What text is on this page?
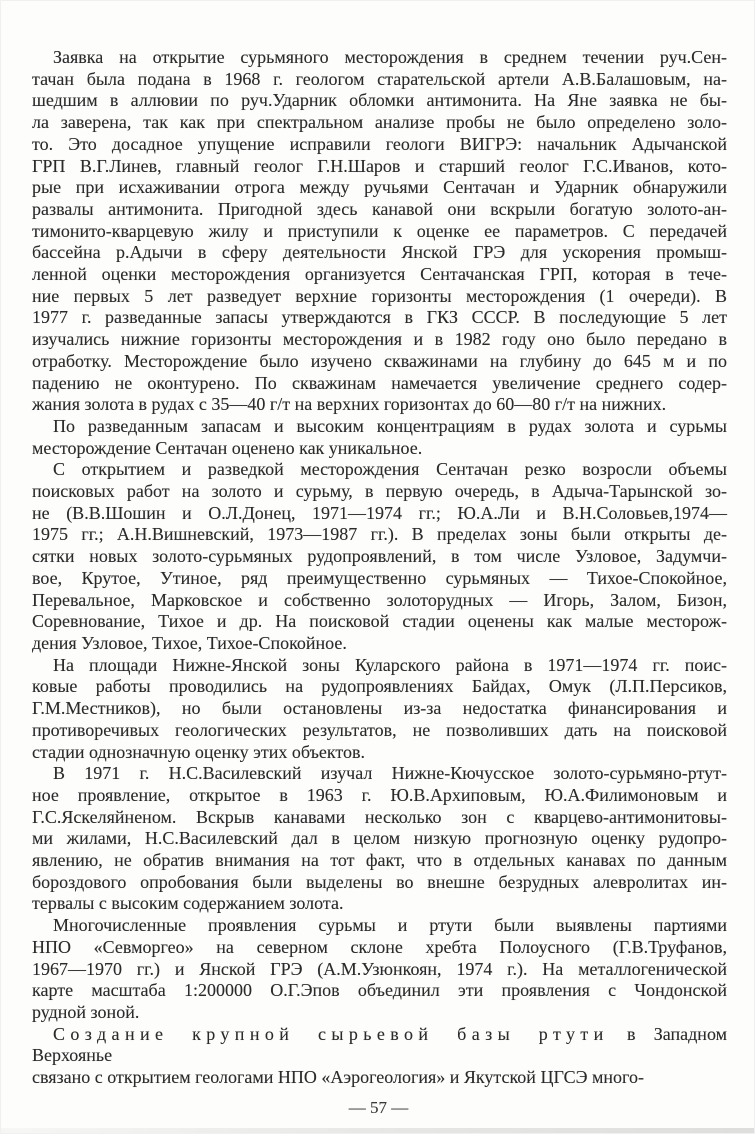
Заявка на открытие сурьмяного месторождения в среднем течении руч.Сен-
тачан была подана в 1968 г. геологом старательской артели А.В.Балашовым, на-
шедшим в аллювии по руч.Ударник обломки антимонита. На Яне заявка не бы-
ла заверена, так как при спектральном анализе пробы не было определено золо-
то. Это досадное упущение исправили геологи ВИГРЭ: начальник Адычанской
ГРП В.Г.Линев, главный геолог Г.Н.Шаров и старший геолог Г.С.Иванов, кото-
рые при исхаживании отрога между ручьями Сентачан и Ударник обнаружили
развалы антимонита. Пригодной здесь канавой они вскрыли богатую золото-ан-
тимонито-кварцевую жилу и приступили к оценке ее параметров. С передачей
бассейна р.Адычи в сферу деятельности Янской ГРЭ для ускорения промыш-
ленной оценки месторождения организуется Сентачанская ГРП, которая в тече-
ние первых 5 лет разведует верхние горизонты месторождения (1 очереди). В
1977 г. разведанные запасы утверждаются в ГКЗ СССР. В последующие 5 лет
изучались нижние горизонты месторождения и в 1982 году оно было передано в
отработку. Месторождение было изучено скважинами на глубину до 645 м и по
падению не оконтурено. По скважинам намечается увеличение среднего содер-
жания золота в рудах с 35—40 г/т на верхних горизонтах до 60—80 г/т на нижних.
По разведанным запасам и высоким концентрациям в рудах золота и сурьмы
месторождение Сентачан оценено как уникальное.
С открытием и разведкой месторождения Сентачан резко возросли объемы
поисковых работ на золото и сурьму, в первую очередь, в Адыча-Тарынской зо-
не (В.В.Шошин и О.Л.Донец, 1971—1974 гг.; Ю.А.Ли и В.Н.Соловьев,1974—
1975 гг.; А.Н.Вишневский, 1973—1987 гг.). В пределах зоны были открыты де-
сятки новых золото-сурьмяных рудопроявлений, в том числе Узловое, Задумчи-
вое, Крутое, Утиное, ряд преимущественно сурьмяных — Тихое-Спокойное,
Перевальное, Марковское и собственно золоторудных — Игорь, Залом, Бизон,
Соревнование, Тихое и др. На поисковой стадии оценены как малые месторож-
дения Узловое, Тихое, Тихое-Спокойное.
На площади Нижне-Янской зоны Куларского района в 1971—1974 гг. поис-
ковые работы проводились на рудопроявлениях Байдах, Омук (Л.П.Персиков,
Г.М.Местников), но были остановлены из-за недостатка финансирования и
противоречивых геологических результатов, не позволивших дать на поисковой
стадии однозначную оценку этих объектов.
В 1971 г. Н.С.Василевский изучал Нижне-Кючусское золото-сурьмяно-ртут-
ное проявление, открытое в 1963 г. Ю.В.Архиповым, Ю.А.Филимоновым и
Г.С.Яскеляйненом. Вскрыв канавами несколько зон с кварцево-антимонитовы-
ми жилами, Н.С.Василевский дал в целом низкую прогнозную оценку рудопро-
явлению, не обратив внимания на тот факт, что в отдельных канавах по данным
бороздового опробования были выделены во внешне безрудных алевролитах ин-
тервалы с высоким содержанием золота.
Многочисленные проявления сурьмы и ртути были выявлены партиями
НПО «Севморгео» на северном склоне хребта Полоусного (Г.В.Труфанов,
1967—1970 гг.) и Янской ГРЭ (А.М.Узюнкоян, 1974 г.). На металлогенической
карте масштаба 1:200000 О.Г.Эпов объединил эти проявления с Чондонской
рудной зоной.
Создание крупной сырьевой базы ртути в Западном Верхоянье
связано с открытием геологами НПО «Аэрогеология» и Якутской ЦГСЭ много-
— 57 —
